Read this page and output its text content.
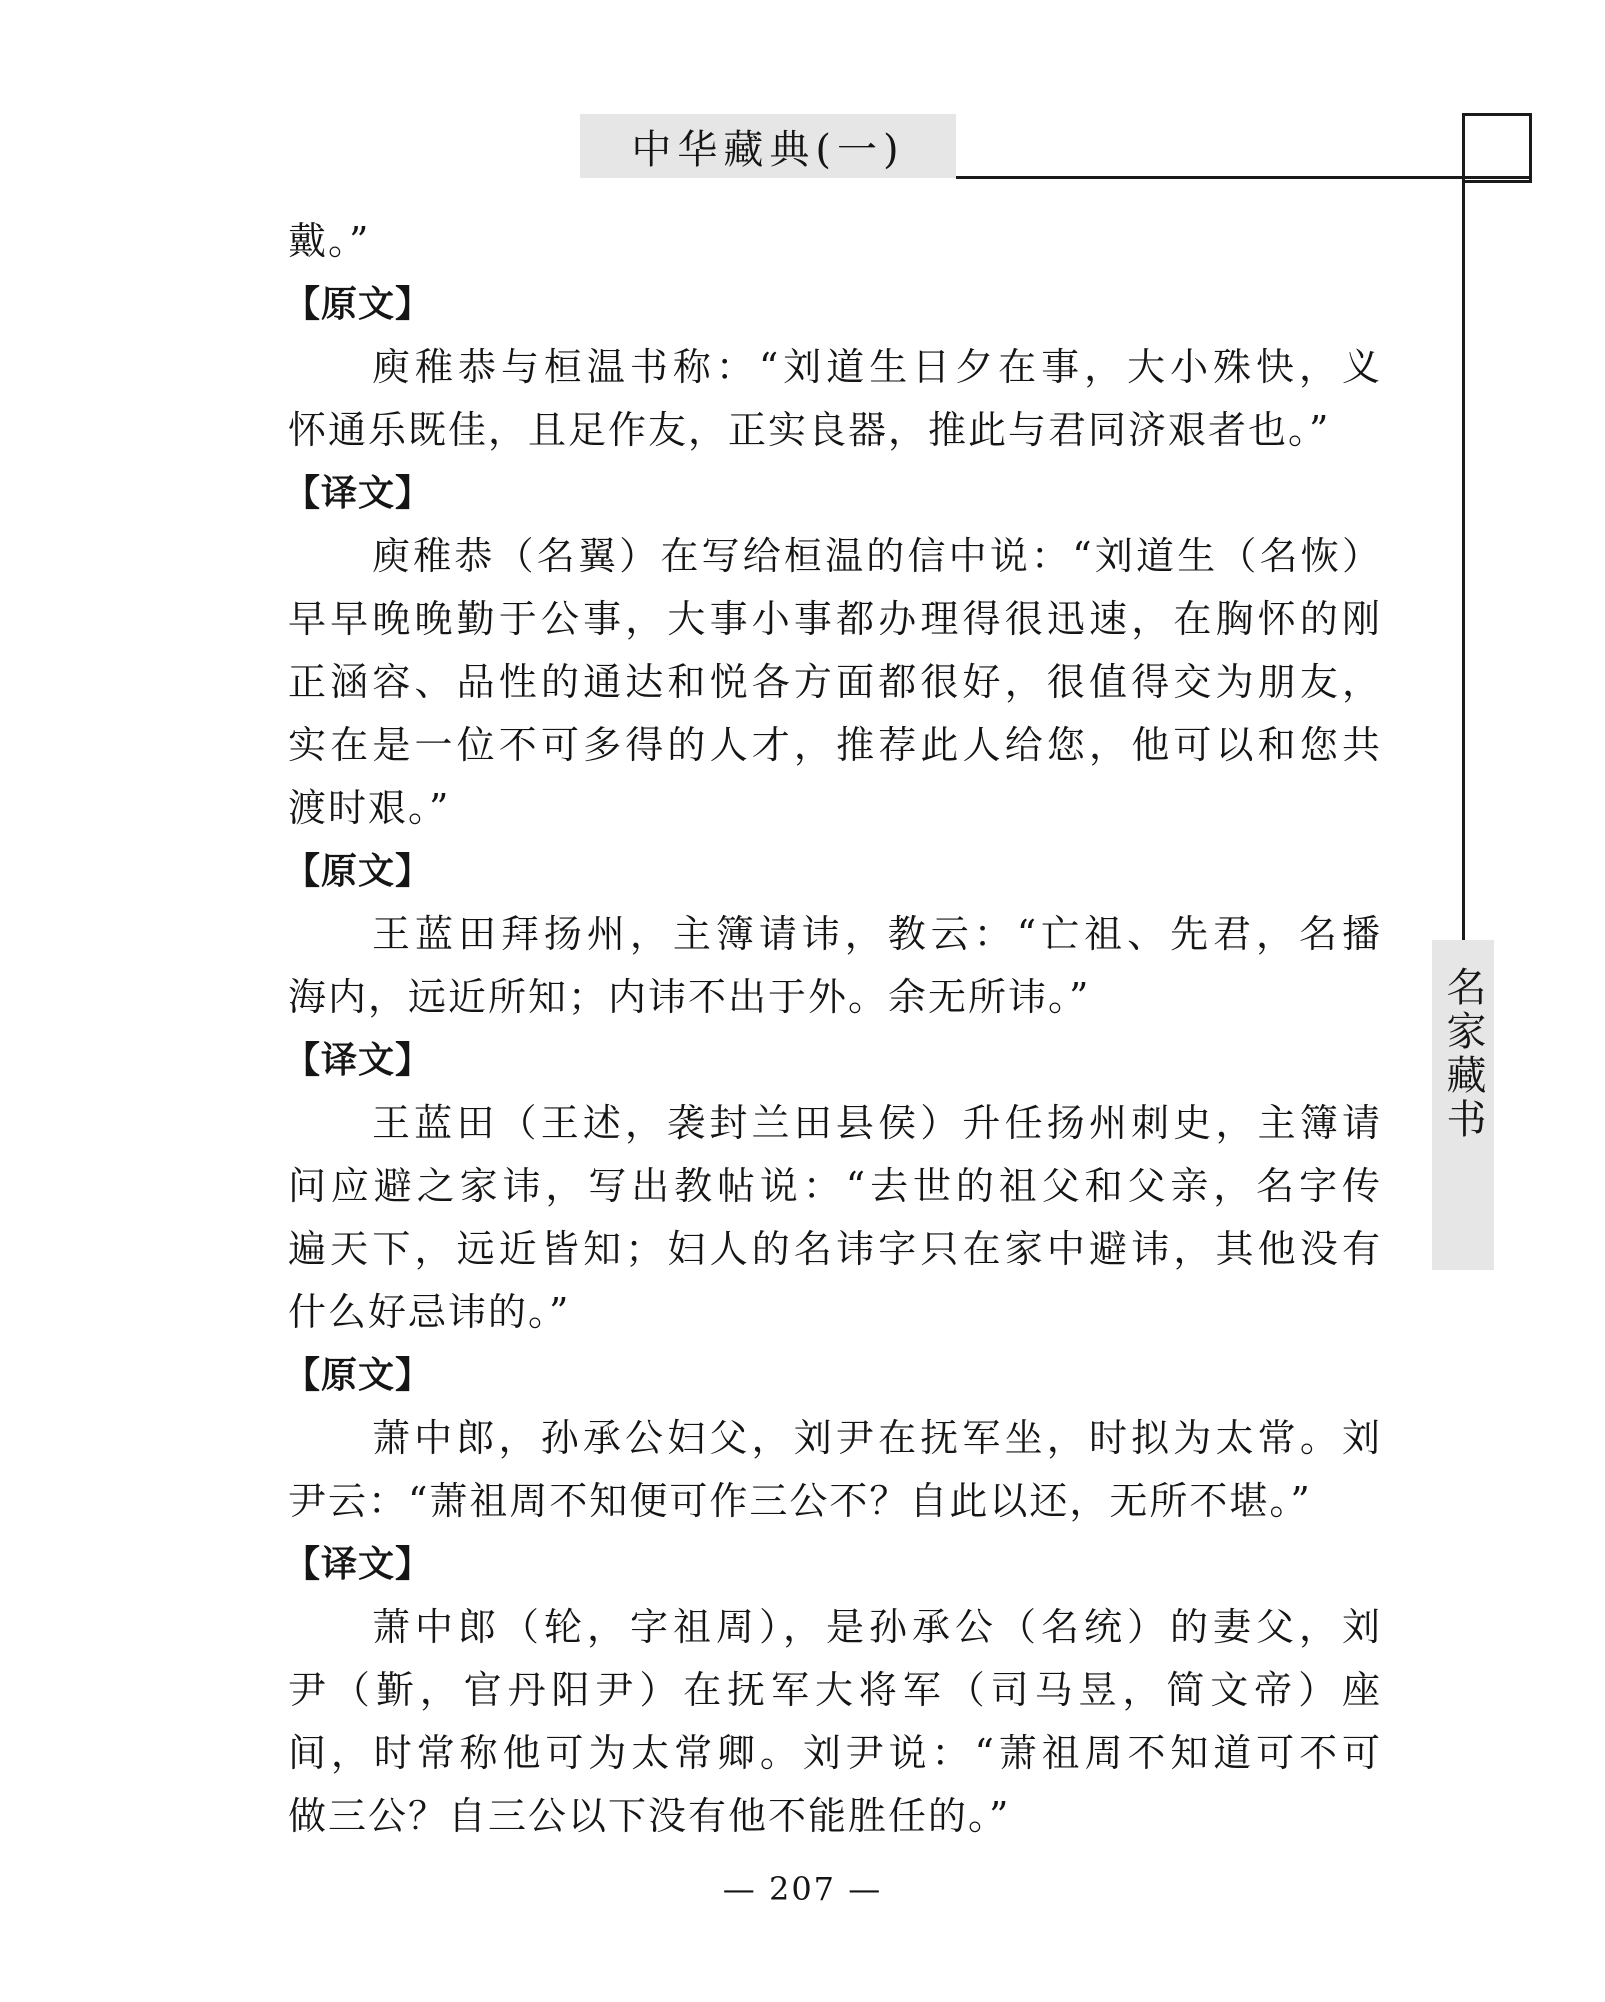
中华藏典(一)
名家藏书
戴。”
【原文】
庾稚恭与桓温书称：“刘道生日夕在事，大小殊快，义
怀通乐既佳，且足作友，正实良器，推此与君同济艰者也。”
【译文】
庾稚恭（名翼）在写给桓温的信中说：“刘道生（名恢）
早早晚晚勤于公事，大事小事都办理得很迅速，在胸怀的刚
正涵容、品性的通达和悦各方面都很好，很值得交为朋友，
实在是一位不可多得的人才，推荐此人给您，他可以和您共
渡时艰。”
【原文】
王蓝田拜扬州，主簿请讳，教云：“亡祖、先君，名播
海内，远近所知；内讳不出于外。余无所讳。”
【译文】
王蓝田（王述，袭封兰田县侯）升任扬州刺史，主簿请
问应避之家讳，写出教帖说：“去世的祖父和父亲，名字传
遍天下，远近皆知；妇人的名讳字只在家中避讳，其他没有
什么好忌讳的。”
【原文】
萧中郎，孙承公妇父，刘尹在抚军坐，时拟为太常。刘
尹云：“萧祖周不知便可作三公不？自此以还，无所不堪。”
【译文】
萧中郎（轮，字祖周），是孙承公（名统）的妻父，刘
尹（斳，官丹阳尹）在抚军大将军（司马昱，简文帝）座
间，时常称他可为太常卿。刘尹说：“萧祖周不知道可不可
做三公？自三公以下没有他不能胜任的。”
— 207 —
